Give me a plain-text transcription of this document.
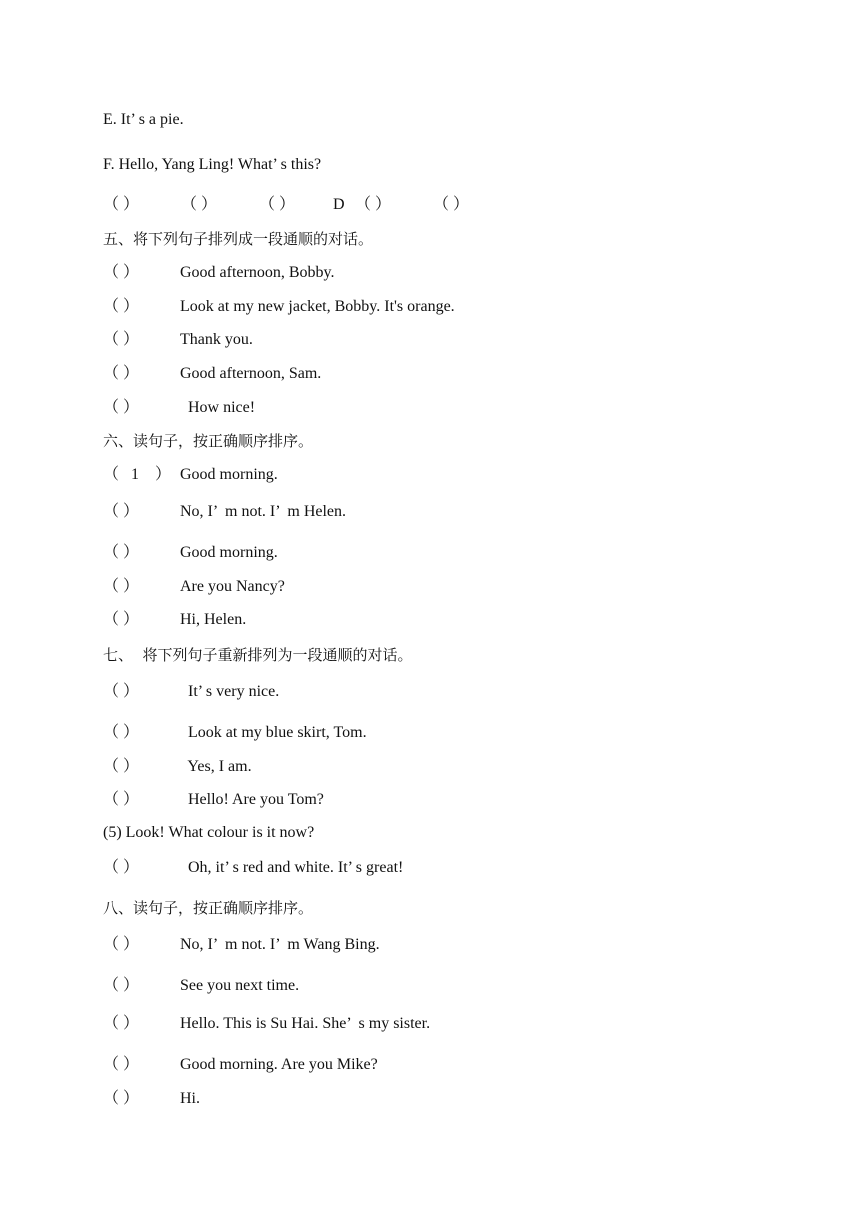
E. It’ s a pie.
F. Hello, Yang Ling! What’ s this?
（ ）	（ ）	（ ） D （ ）	（ ）
五、将下列句子排列成一段通顺的对话。
（ ）	Good afternoon, Bobby.
（ ）	Look at my new jacket, Bobby. It's orange.
（ ）	Thank you.
（ ）	Good afternoon, Sam.
（ ）	How nice!
六、读句子，按正确顺序排序。
（   1    ） Good morning.
（ ）	No, I’  m not. I’  m Helen.
（ ）	Good morning.
（ ）	Are you Nancy?
（ ）	Hi, Helen.
七、  将下列句子重新排列为一段通顺的对话。
（ ）	It’ s very nice.
（ ）	Look at my blue skirt, Tom.
（ ）	Yes, I am.
（ ）	Hello! Are you Tom?
(5) Look! What colour is it now?
（ ）	Oh, it’ s red and white. It’ s great!
八、读句子，按正确顺序排序。
（ ）	No, I’  m not. I’  m Wang Bing.
（ ）	See you next time.
（ ）	Hello. This is Su Hai. She’  s my sister.
（ ）	Good morning. Are you Mike?
（ ）	Hi.
